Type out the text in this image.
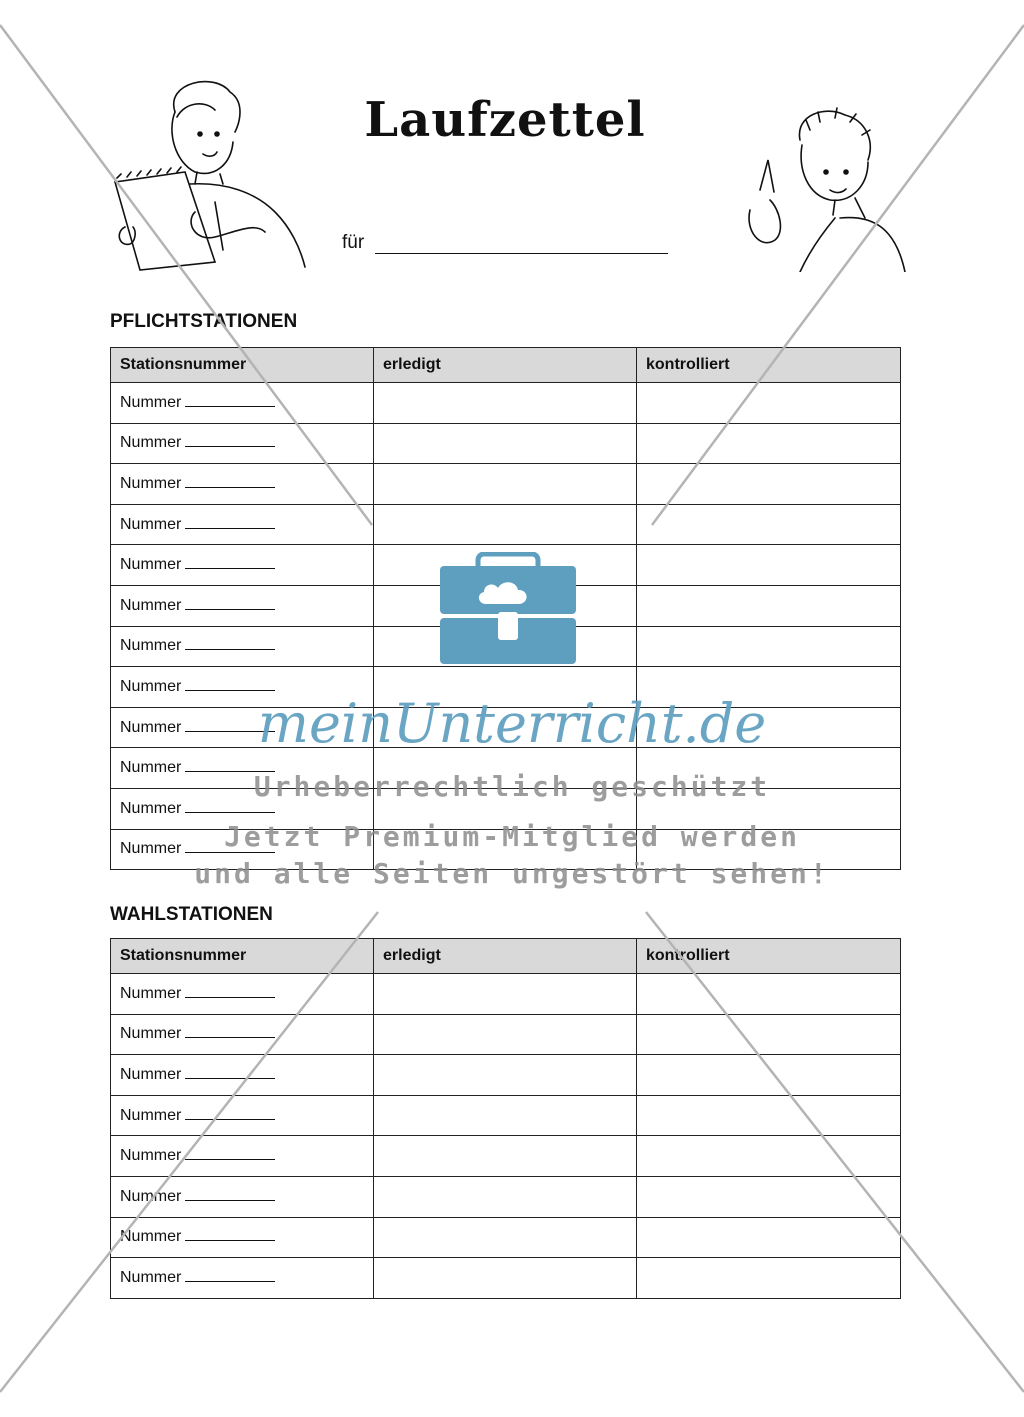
Laufzettel
für
PFLICHTSTATIONEN
Stationsnummer	erledigt	kontrolliert
Nummer		
Nummer		
Nummer		
Nummer		
Nummer		
Nummer		
Nummer		
Nummer		
Nummer		
Nummer		
Nummer		
Nummer		
WAHLSTATIONEN
Stationsnummer	erledigt	kontrolliert
Nummer		
Nummer		
Nummer		
Nummer		
Nummer		
Nummer		
Nummer		
Nummer		
meinUnterricht.de
Urheberrechtlich geschützt
Jetzt Premium-Mitglied werden
und alle Seiten ungestört sehen!
